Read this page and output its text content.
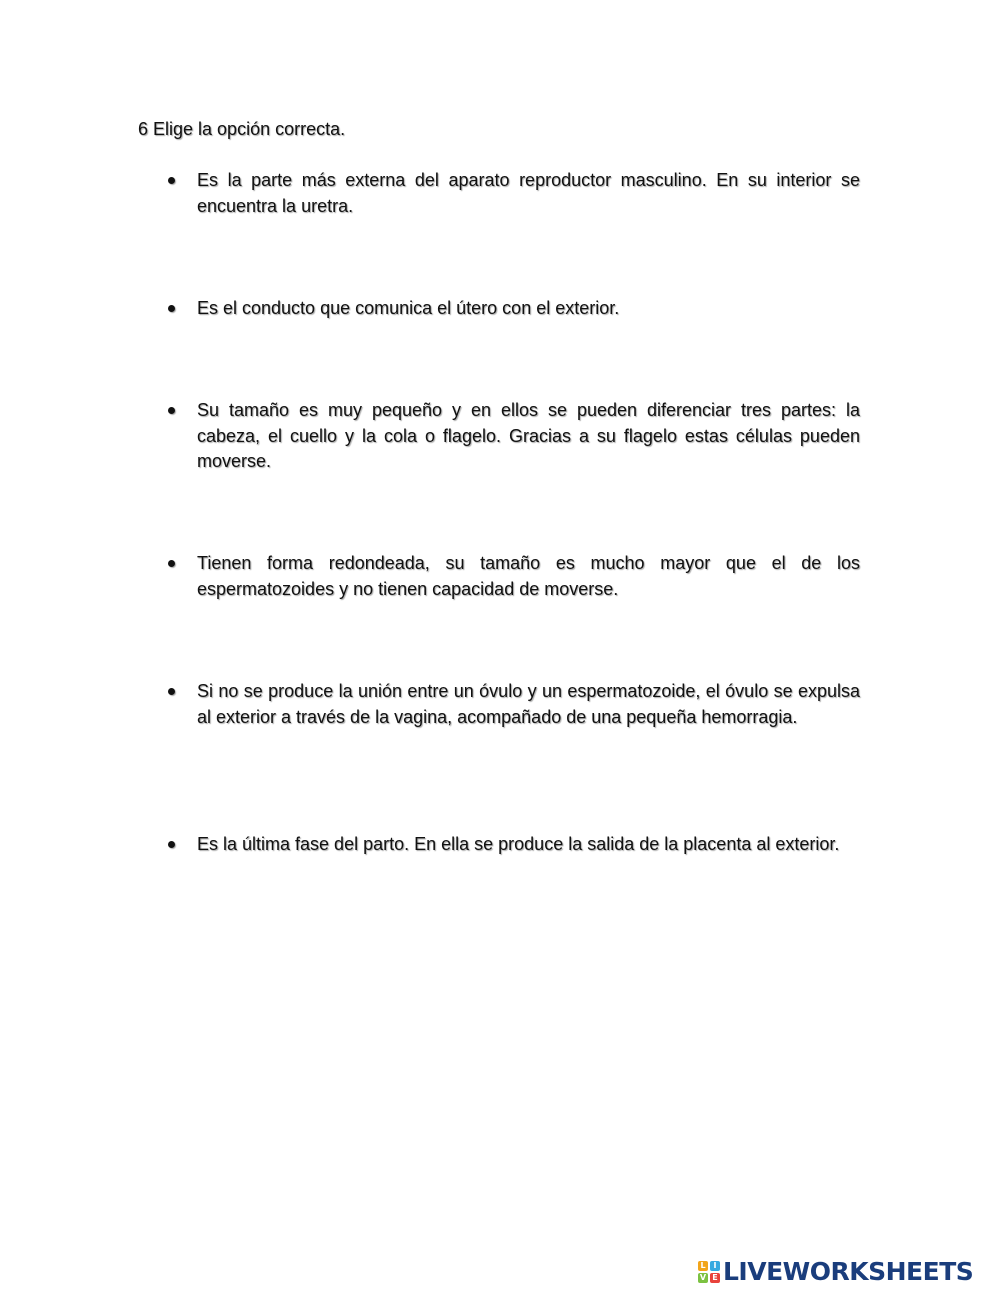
6 Elige la opción correcta.
Es la parte más externa del aparato reproductor masculino. En su interior se encuentra la uretra.
Es el conducto que comunica el útero con el exterior.
Su tamaño es muy pequeño y en ellos se pueden diferenciar tres partes: la cabeza, el cuello y la cola o flagelo. Gracias a su flagelo estas células pueden moverse.
Tienen forma redondeada, su tamaño es mucho mayor que el de los espermatozoides y no tienen capacidad de moverse.
Si no se produce la unión entre un óvulo y un espermatozoide, el óvulo se expulsa al exterior a través de la vagina, acompañado de una pequeña hemorragia.
Es la última fase del parto. En ella se produce la salida de la placenta al exterior.
L I
V E LIVEWORKSHEETS
